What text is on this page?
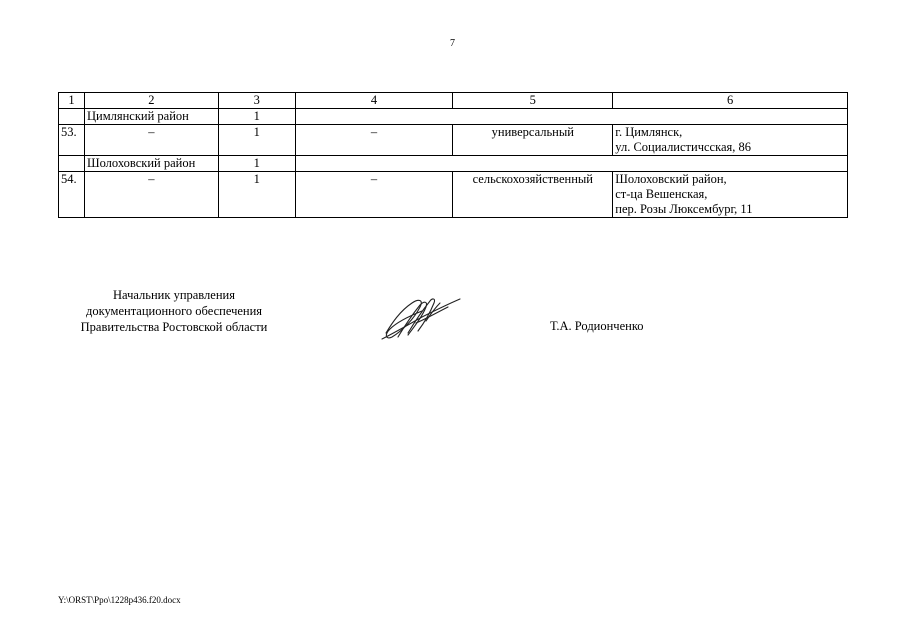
7
1	2	3	4	5	6
	Цимлянский район	1			
53.	–	1	–	универсальный	г. Цимлянск,
ул. Социалистичсская, 86

	Шолоховский район	1			
54.	–	1	–	сельскохозяйственный	Шолоховский район,
ст-ца Вешенская,
пер. Розы Люксембург, 11
Начальник управления
документационного обеспечения
Правительства Ростовской области	Т.А. Родионченко
Y:\ORST\Ppo\1228p436.f20.docx
